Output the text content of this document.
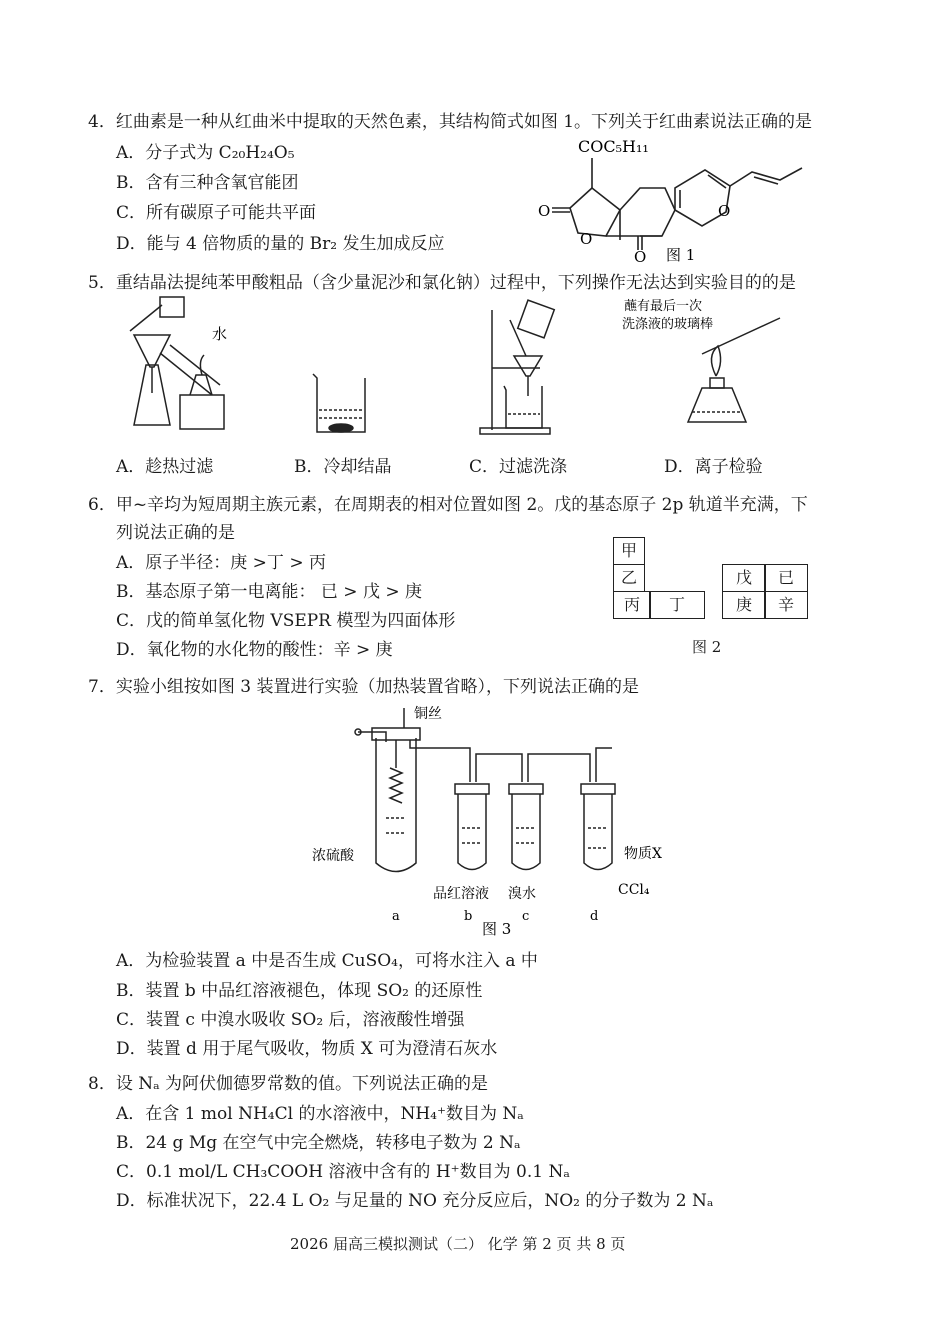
4．红曲素是一种从红曲米中提取的天然色素，其结构简式如图 1。下列关于红曲素说法正确的是
A．分子式为 C₂₀H₂₄O₅
B．含有三种含氧官能团
C．所有碳原子可能共平面
D．能与 4 倍物质的量的 Br₂ 发生加成反应
COC₅H₁₁
O
O
O
O
图 1
5．重结晶法提纯苯甲酸粗品（含少量泥沙和氯化钠）过程中，下列操作无法达到实验目的的是
水
蘸有最后一次
洗涤液的玻璃棒
A．趁热过滤	B．冷却结晶	C．过滤洗涤	D．离子检验
6．甲~辛均为短周期主族元素，在周期表的相对位置如图 2。戊的基态原子 2p 轨道半充满，下
列说法正确的是
A．原子半径：庚 >丁 > 丙
B．基态原子第一电离能： 已 > 戊 > 庚
C．戊的简单氢化物 VSEPR 模型为四面体形
D．氧化物的水化物的酸性：辛 > 庚
甲
乙
丙	丁
戊	已
庚	辛
图 2
7．实验小组按如图 3 装置进行实验（加热装置省略），下列说法正确的是
铜丝
浓硫酸
品红溶液 溴水
物质X
CCl₄
a	b	c	d
图 3
A．为检验装置 a 中是否生成 CuSO₄，可将水注入 a 中
B．装置 b 中品红溶液褪色，体现 SO₂ 的还原性
C．装置 c 中溴水吸收 SO₂ 后，溶液酸性增强
D．装置 d 用于尾气吸收，物质 X 可为澄清石灰水
8．设 Nₐ 为阿伏伽德罗常数的值。下列说法正确的是
A．在含 1 mol NH₄Cl 的水溶液中，NH₄⁺数目为 Nₐ
B．24 g Mg 在空气中完全燃烧，转移电子数为 2 Nₐ
C．0.1 mol/L CH₃COOH 溶液中含有的 H⁺数目为 0.1 Nₐ
D．标准状况下，22.4 L O₂ 与足量的 NO 充分反应后，NO₂ 的分子数为 2 Nₐ
2026 届高三模拟测试（二） 化学 第 2 页 共 8 页
